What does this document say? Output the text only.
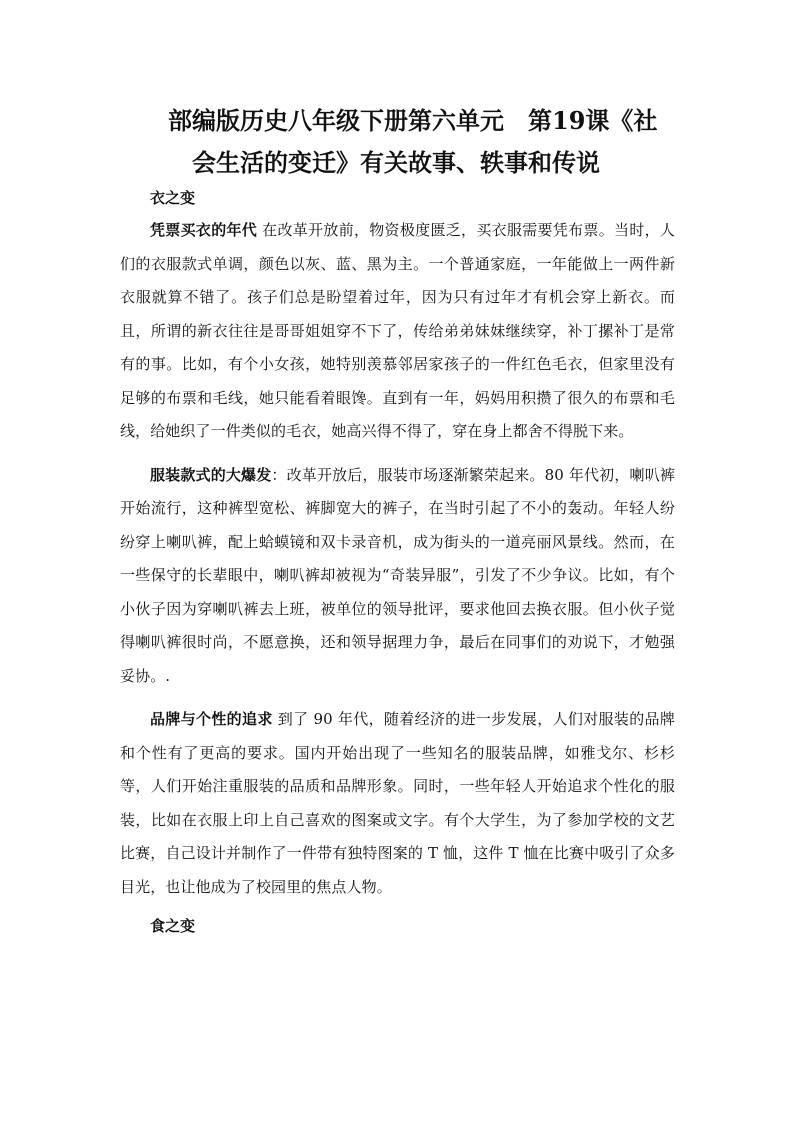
部编版历史八年级下册第六单元　第19课《社
会生活的变迁》有关故事、轶事和传说

衣之变

凭票买衣的年代 在改革开放前，物资极度匮乏，买衣服需要凭布票。当时，人们的衣服款式单调，颜色以灰、蓝、黑为主。一个普通家庭，一年能做上一两件新衣服就算不错了。孩子们总是盼望着过年，因为只有过年才有机会穿上新衣。而且，所谓的新衣往往是哥哥姐姐穿不下了，传给弟弟妹妹继续穿，补丁摞补丁是常有的事。比如，有个小女孩，她特别羡慕邻居家孩子的一件红色毛衣，但家里没有足够的布票和毛线，她只能看着眼馋。直到有一年，妈妈用积攒了很久的布票和毛线，给她织了一件类似的毛衣，她高兴得不得了，穿在身上都舍不得脱下来。

服装款式的大爆发：改革开放后，服装市场逐渐繁荣起来。80 年代初，喇叭裤开始流行，这种裤型宽松、裤脚宽大的裤子，在当时引起了不小的轰动。年轻人纷纷穿上喇叭裤，配上蛤蟆镜和双卡录音机，成为街头的一道亮丽风景线。然而，在一些保守的长辈眼中，喇叭裤却被视为“奇装异服”，引发了不少争议。比如，有个小伙子因为穿喇叭裤去上班，被单位的领导批评，要求他回去换衣服。但小伙子觉得喇叭裤很时尚，不愿意换，还和领导据理力争，最后在同事们的劝说下，才勉强妥协。.

品牌与个性的追求 到了 90 年代，随着经济的进一步发展，人们对服装的品牌和个性有了更高的要求。国内开始出现了一些知名的服装品牌，如雅戈尔、杉杉等，人们开始注重服装的品质和品牌形象。同时，一些年轻人开始追求个性化的服装，比如在衣服上印上自己喜欢的图案或文字。有个大学生，为了参加学校的文艺比赛，自己设计并制作了一件带有独特图案的 T 恤，这件 T 恤在比赛中吸引了众多目光，也让他成为了校园里的焦点人物。

食之变
